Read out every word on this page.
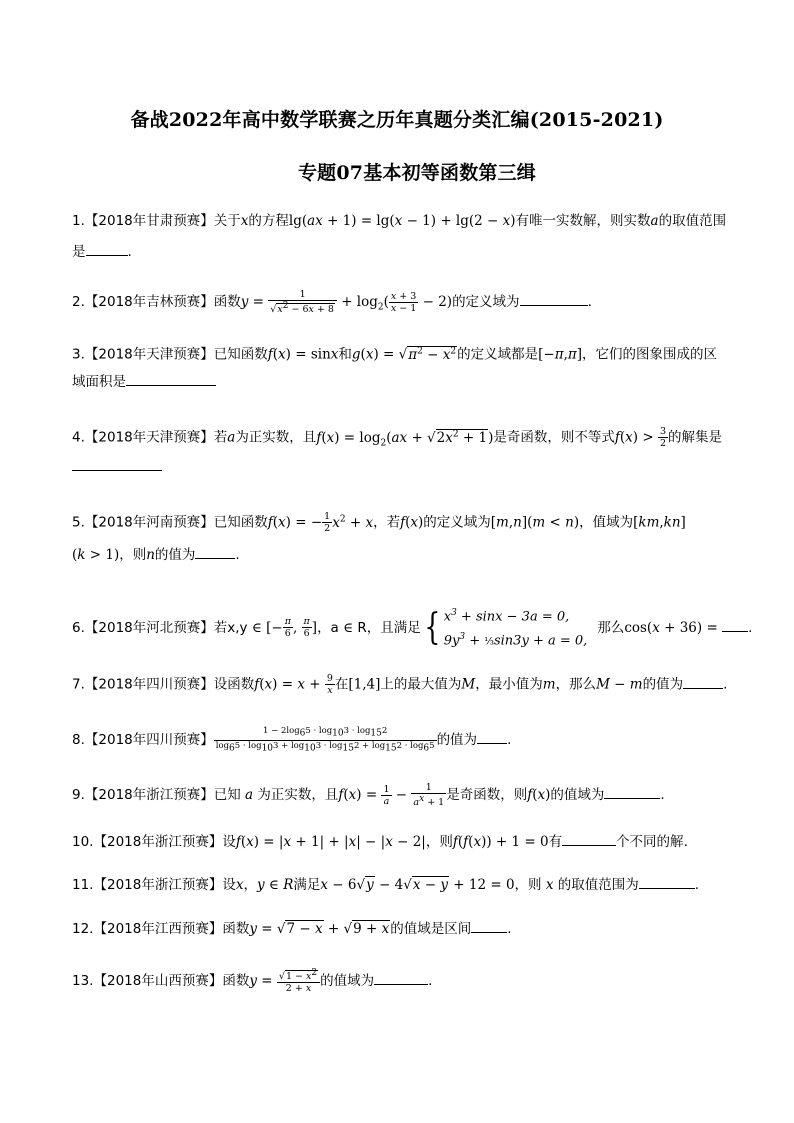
备战2022年高中数学联赛之历年真题分类汇编(2015-2021)
专题07基本初等函数第三缉
1.【2018年甘肃预赛】关于x的方程lg(ax + 1) = lg(x − 1) + lg(2 − x)有唯一实数解，则实数a的取值范围
是	.
2.【2018年吉林预赛】函数$y = \frac{1}{√x^2 - 6x + 8} + \log_2( \frac{x + 3}{x - 1} - 2)$的定义域为	.
3.【2018年天津预赛】已知函数f(x) = sinx和$g(x) = √\pi^2 - x^2$的定义域都是[−π,π]，它们的图象围成的区
域面积是
4.【2018年天津预赛】若a为正实数，且$f(x) = \log_2(ax + √2x^2 + 1)$是奇函数，则不等式$f(x) > \frac{3}{2}$ 的解集是
5.【2018年河南预赛】已知函数f(x) = − $\frac{1}{2} x^2 + x$，若f(x)的定义域为[m,n](m < n)，值域为[km,kn]
(k > 1)，则n的值为	.
6.【2018年河北预赛】若x,y ∈ [− $\frac{\pi}{6}$ , $\frac{\pi}{6}$ ]，a ∈ R，且满足{ $x^3 + \sin x - 3a = 0$,
$9y^3$ + ⅓sin3y + a = 0,
那么cos(x + 36) = .
7.【2018年四川预赛】设函数$f(x) = x + \frac{9}{x}$ 在[1,4]上的最大值为M，最小值为m，那么M − m的值为	.
8.【2018年四川预赛】 $\frac{1 - 2\log_65 \cdot \log_{10}3 \cdot \log_{15}2}{\log_65 \cdot \log_{10}3 + \log_{10}3 \cdot \log_{15}2 + \log_{15}2 \cdot \log_65}$ 的值为 .
9.【2018年浙江预赛】已知 a 为正实数，且$f(x) = \frac{1}{a} - \frac{1}{a^x + 1}$ 是奇函数，则f(x)的值域为	.
10.【2018年浙江预赛】设f(x) = |x + 1| + |x| − |x − 2|，则f(f(x)) + 1 = 0有	个不同的解.
11.【2018年浙江预赛】设x，y ∈ R满足x − 6√y − 4√x − y + 12 = 0，则 x 的取值范围为	.
12.【2018年江西预赛】函数y = √7 − x + √9 + x的值域是区间	.
13.【2018年山西预赛】函数$y = \frac{√1 - x^2}{2 + x}$ 的值域为	.
